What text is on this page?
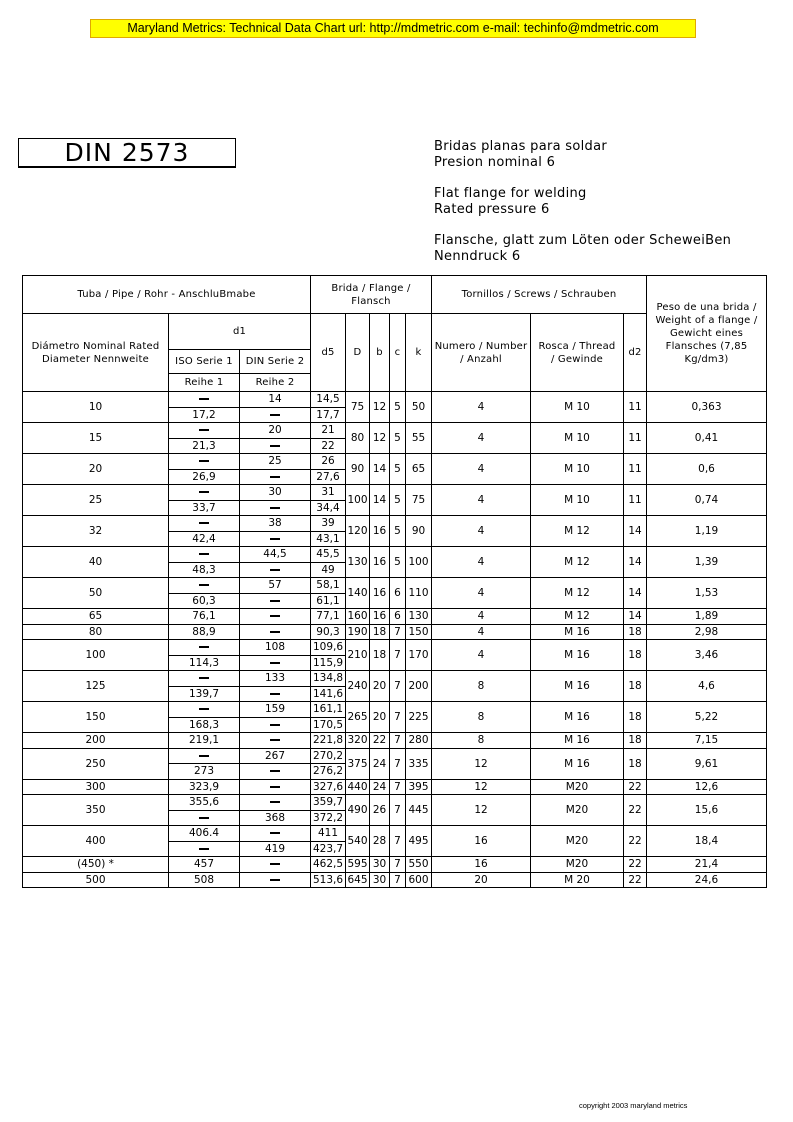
Maryland Metrics: Technical Data Chart url: http://mdmetric.com e-mail: techinfo@mdmetric.com
DIN 2573	Bridas planas para soldar
Presion nominal 6
Flat flange for welding
Rated pressure 6
Flansche, glatt zum Löten oder ScheweiBen
Nenndruck 6
Tuba / Pipe / Rohr - AnschluBmabe			Brida / Flange / Flansch					Tornillos / Screws / Schrauben			Peso de una brida / Weight of a flange / Gewicht eines Flansches (7,85 Kg/dm3)
Diámetro Nominal Rated Diameter Nennweite	d1		d5	D	b	c	k	Numero / Number / Anzahl	Rosca / Thread / Gewinde	d2	
	ISO Serie 1	DIN Serie 2									
	Reihe 1	Reihe 2									
10		14	14,5	75	12	5	50	4	M 10	11	0,363
	17,2		17,7								
15		20	21	80	12	5	55	4	M 10	11	0,41
	21,3		22								
20		25	26	90	14	5	65	4	M 10	11	0,6
	26,9		27,6								
25		30	31	100	14	5	75	4	M 10	11	0,74
	33,7		34,4								
32		38	39	120	16	5	90	4	M 12	14	1,19
	42,4		43,1								
40		44,5	45,5	130	16	5	100	4	M 12	14	1,39
	48,3		49								
50		57	58,1	140	16	6	110	4	M 12	14	1,53
	60,3		61,1								
65	76,1		77,1	160	16	6	130	4	M 12	14	1,89
80	88,9		90,3	190	18	7	150	4	M 16	18	2,98
100		108	109,6	210	18	7	170	4	M 16	18	3,46
	114,3		115,9								
125		133	134,8	240	20	7	200	8	M 16	18	4,6
	139,7		141,6								
150		159	161,1	265	20	7	225	8	M 16	18	5,22
	168,3		170,5								
200	219,1		221,8	320	22	7	280	8	M 16	18	7,15
250		267	270,2	375	24	7	335	12	M 16	18	9,61
	273		276,2								
300	323,9		327,6	440	24	7	395	12	M20	22	12,6
350	355,6		359,7	490	26	7	445	12	M20	22	15,6
		368	372,2								
400	406.4		411	540	28	7	495	16	M20	22	18,4
		419	423,7								
(450) *	457		462,5	595	30	7	550	16	M20	22	21,4
500	508		513,6	645	30	7	600	20	M 20	22	24,6
copyright 2003 maryland metrics
